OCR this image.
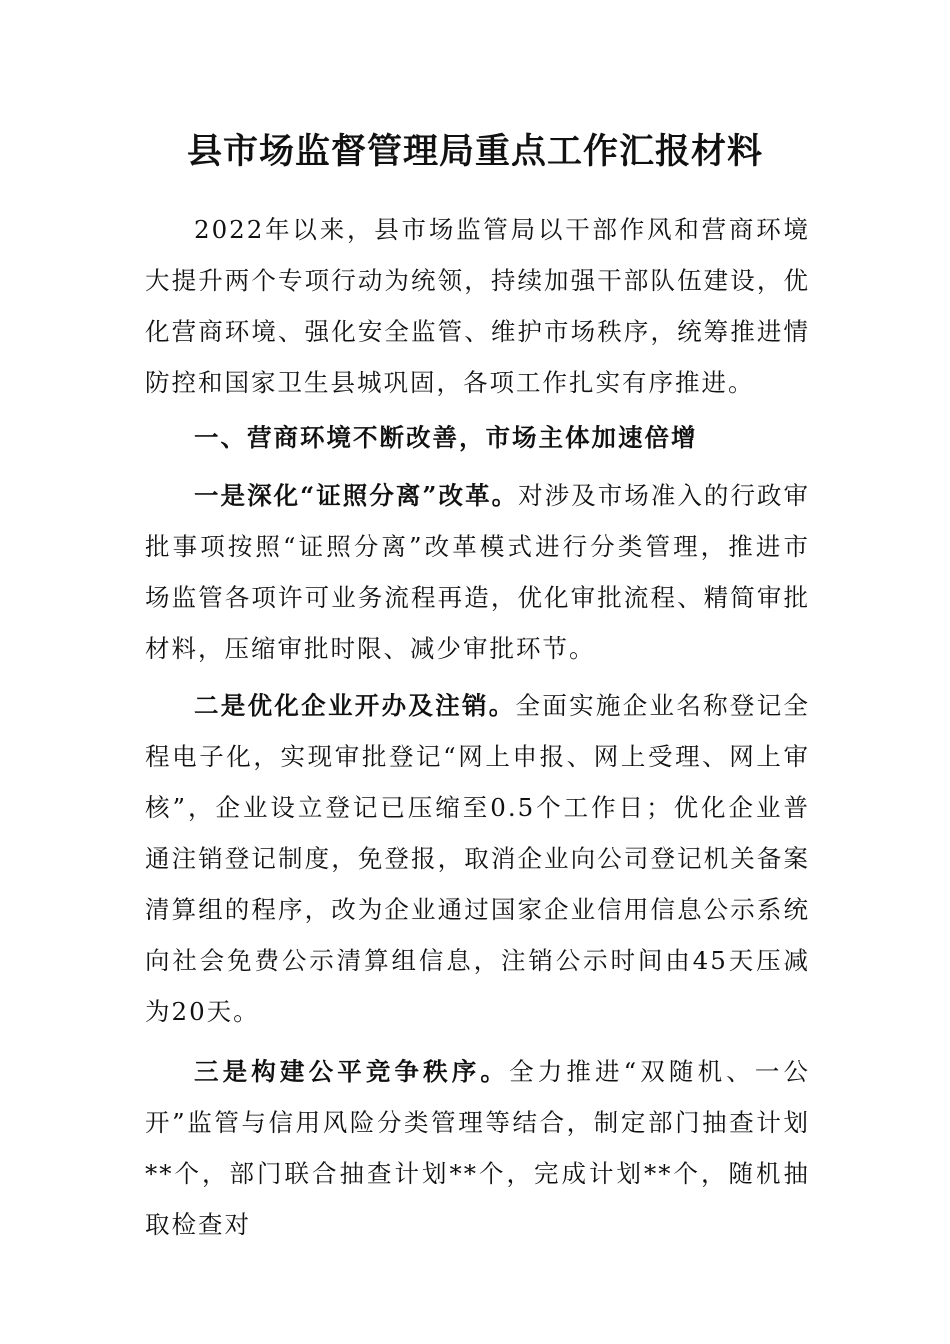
县市场监督管理局重点工作汇报材料

2022年以来，县市场监管局以干部作风和营商环境大提升两个专项行动为统领，持续加强干部队伍建设，优化营商环境、强化安全监管、维护市场秩序，统筹推进情防控和国家卫生县城巩固，各项工作扎实有序推进。

一、营商环境不断改善，市场主体加速倍增

一是深化“证照分离”改革。对涉及市场准入的行政审批事项按照“证照分离”改革模式进行分类管理，推进市场监管各项许可业务流程再造，优化审批流程、精简审批材料，压缩审批时限、减少审批环节。

二是优化企业开办及注销。全面实施企业名称登记全程电子化，实现审批登记“网上申报、网上受理、网上审核”，企业设立登记已压缩至0.5个工作日；优化企业普通注销登记制度，免登报，取消企业向公司登记机关备案清算组的程序，改为企业通过国家企业信用信息公示系统向社会免费公示清算组信息，注销公示时间由45天压减为20天。

三是构建公平竞争秩序。全力推进“双随机、一公开”监管与信用风险分类管理等结合，制定部门抽查计划**个，部门联合抽查计划**个，完成计划**个，随机抽取检查对
